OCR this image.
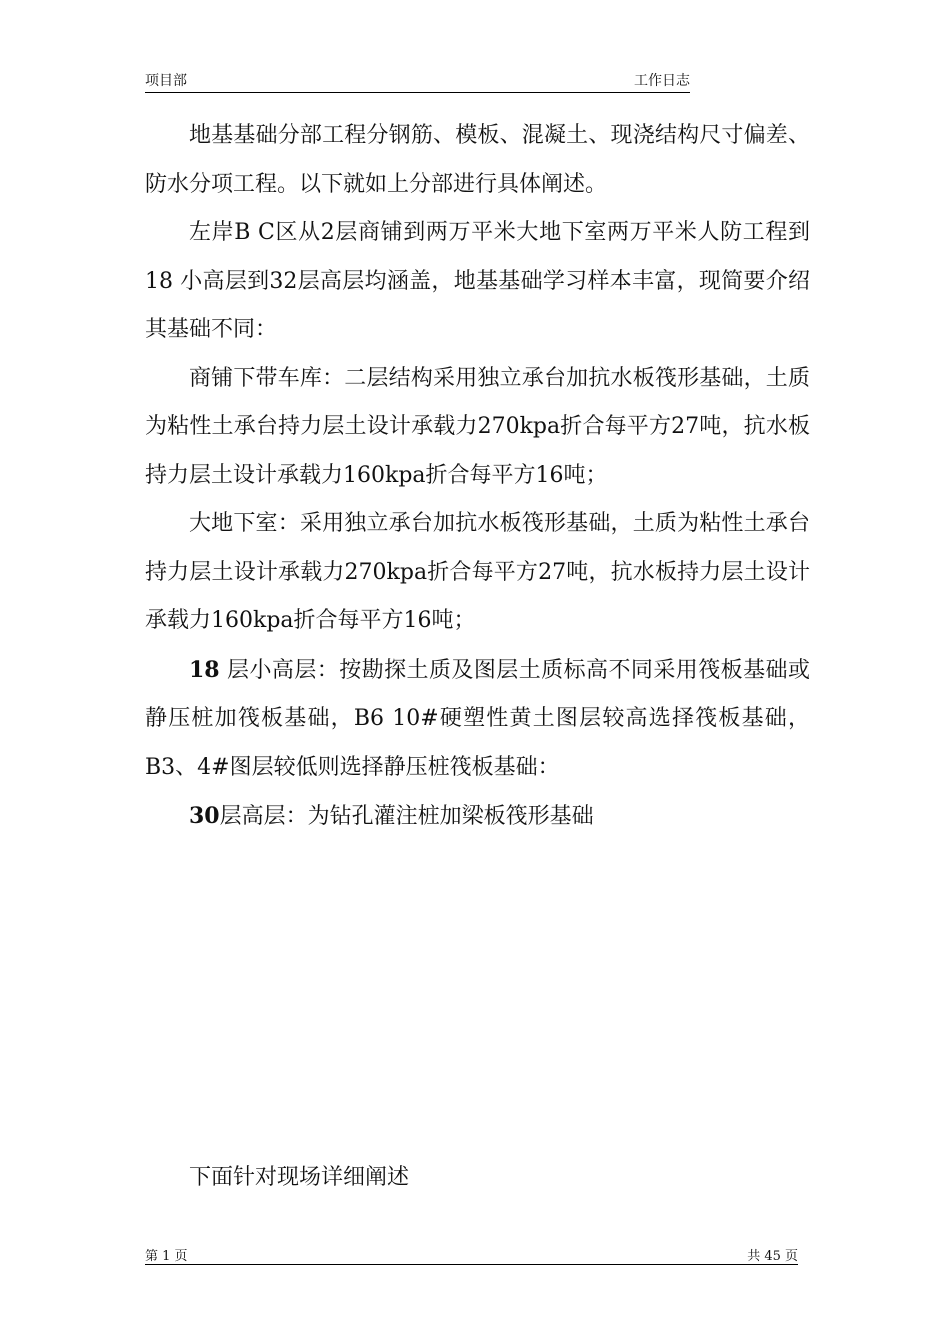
项目部	工作日志

地基基础分部工程分钢筋、模板、混凝土、现浇结构尺寸偏差、防水分项工程。以下就如上分部进行具体阐述。

左岸B C区从2层商铺到两万平米大地下室两万平米人防工程到18 小高层到32层高层均涵盖，地基基础学习样本丰富，现简要介绍其基础不同：

商铺下带车库：二层结构采用独立承台加抗水板筏形基础，土质为粘性土承台持力层土设计承载力270kpa折合每平方27吨，抗水板持力层土设计承载力160kpa折合每平方16吨；

大地下室：采用独立承台加抗水板筏形基础，土质为粘性土承台持力层土设计承载力270kpa折合每平方27吨，抗水板持力层土设计承载力160kpa折合每平方16吨；

18 层小高层：按勘探土质及图层土质标高不同采用筏板基础或静压桩加筏板基础，B6 10#硬塑性黄土图层较高选择筏板基础，B3、4#图层较低则选择静压桩筏板基础：

30层高层：为钻孔灌注桩加梁板筏形基础

下面针对现场详细阐述
第 1 页	共 45 页
